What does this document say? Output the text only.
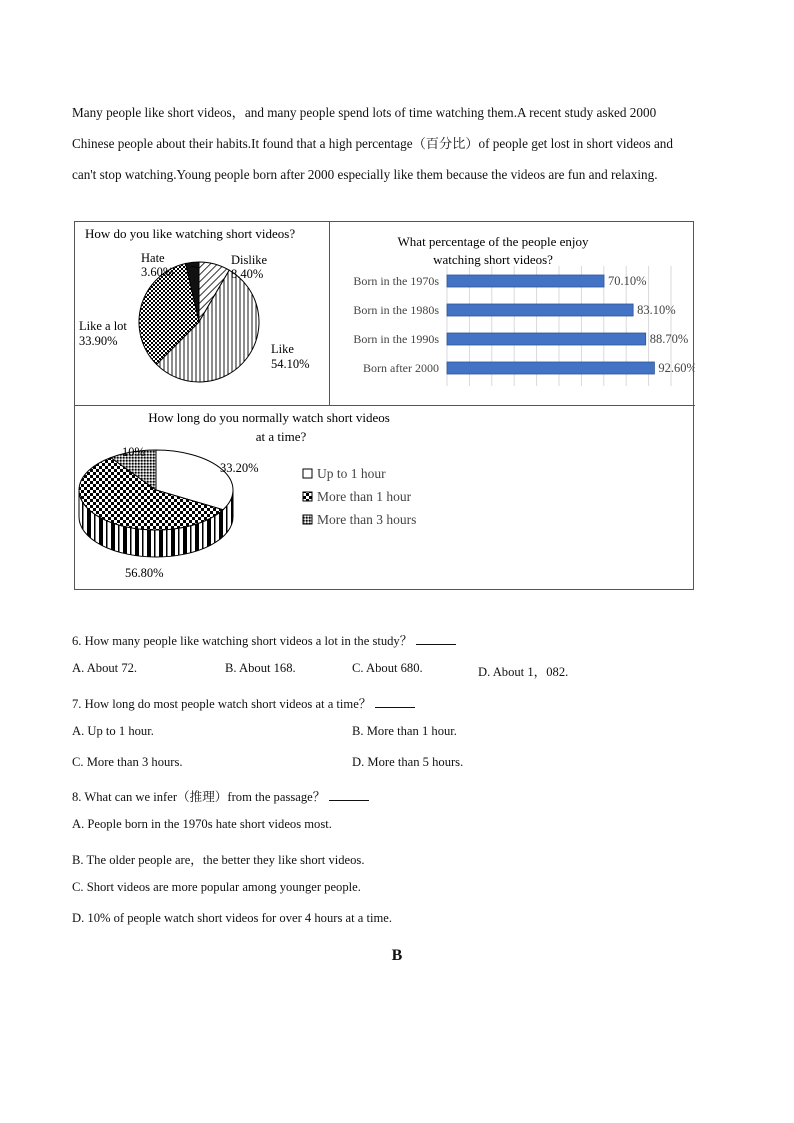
Many people like short videos，and many people spend lots of time watching them.A recent study asked 2000

Chinese people about their habits.It found that a high percentage（百分比）of people get lost in short videos and

can't stop watching.Young people born after 2000 especially like them because the videos are fun and relaxing.

How do you like watching short videos?
Hate
3.60%
Dislike
8.40%
Like
54.10%
Like a lot
33.90%
What percentage of the people enjoy
watching short videos?
Born in the 1970s	70.10%
Born in the 1980s	83.10%
Born in the 1990s	88.70%
Born after 2000	92.60%
How long do you normally watch short videos
at a time?
10%
33.20%
56.80%
Up to 1 hour
More than 1 hour
More than 3 hours
6. How many people like watching short videos a lot in the study？
A. About 72.	B. About 168.	C. About 680.	D. About 1，082.
7. How long do most people watch short videos at a time？
A. Up to 1 hour.	B. More than 1 hour.
C. More than 3 hours.	D. More than 5 hours.
8. What can we infer（推理）from the passage？
A. People born in the 1970s hate short videos most.
B. The older people are，the better they like short videos.
C. Short videos are more popular among younger people.
D. 10% of people watch short videos for over 4 hours at a time.
B
